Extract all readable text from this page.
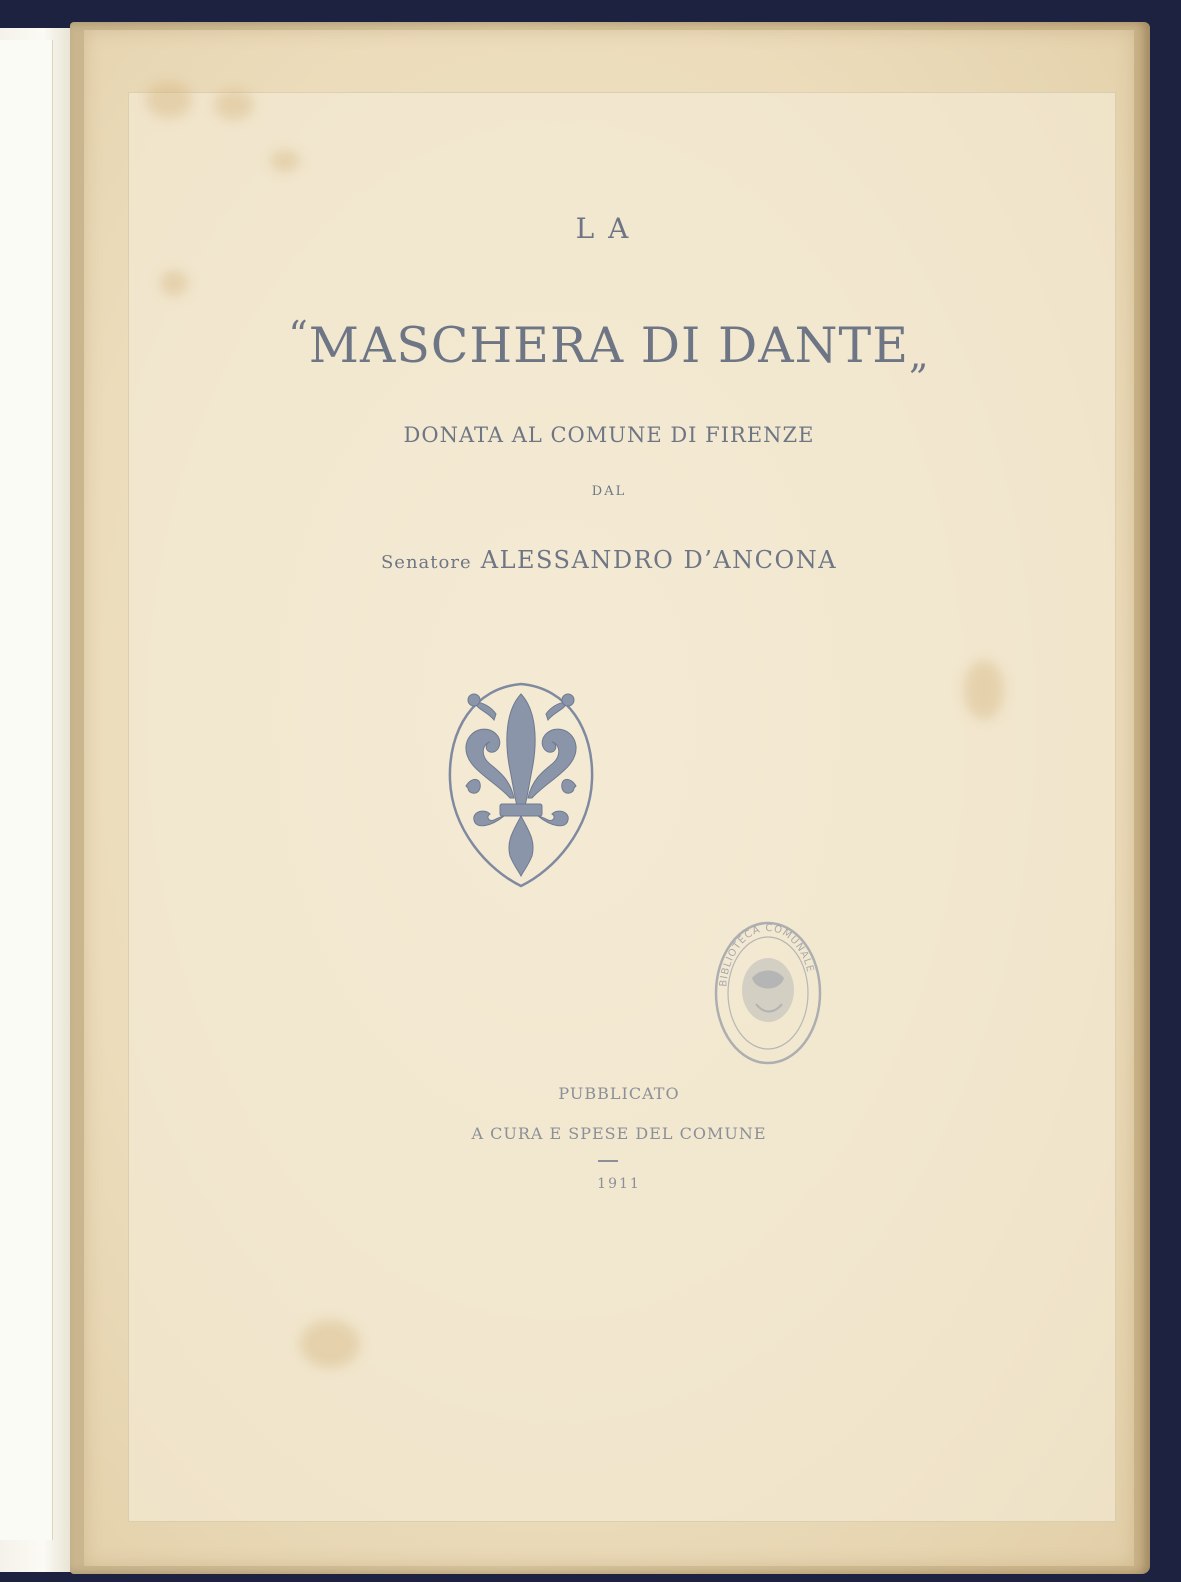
LA
“MASCHERA DI DANTE„
DONATA AL COMUNE DI FIRENZE
DAL
Senatore ALESSANDRO D’ANCONA
BIBLIOTECA COMUNALE
PUBBLICATO
A CURA E SPESE DEL COMUNE
1911
